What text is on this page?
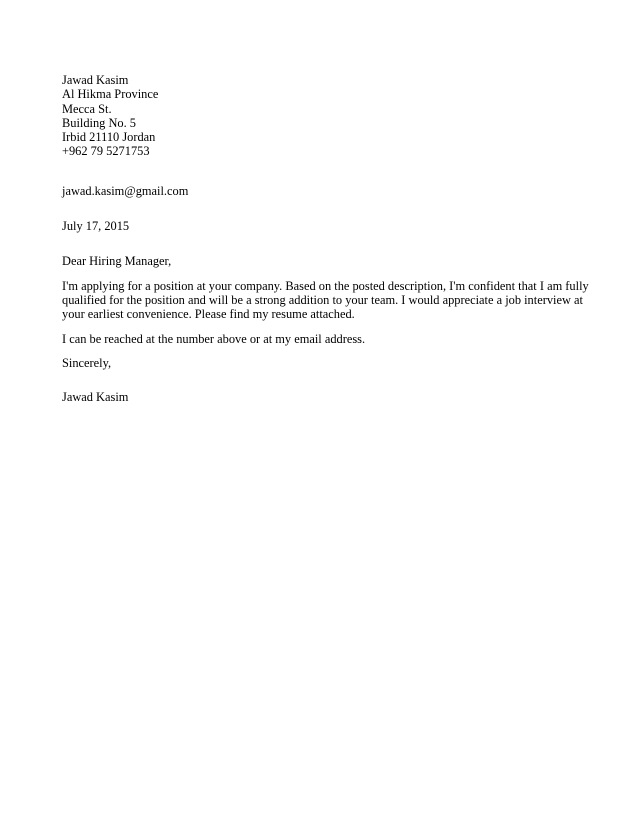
Jawad Kasim
Al Hikma Province
Mecca St.
Building No. 5
Irbid 21110 Jordan
+962 79 5271753
jawad.kasim@gmail.com
July 17, 2015
Dear Hiring Manager,
I'm applying for a position at your company. Based on the posted description, I'm confident that I am fully
qualified for the position and will be a strong addition to your team. I would appreciate a job interview at
your earliest convenience. Please find my resume attached.
I can be reached at the number above or at my email address.
Sincerely,
Jawad Kasim
